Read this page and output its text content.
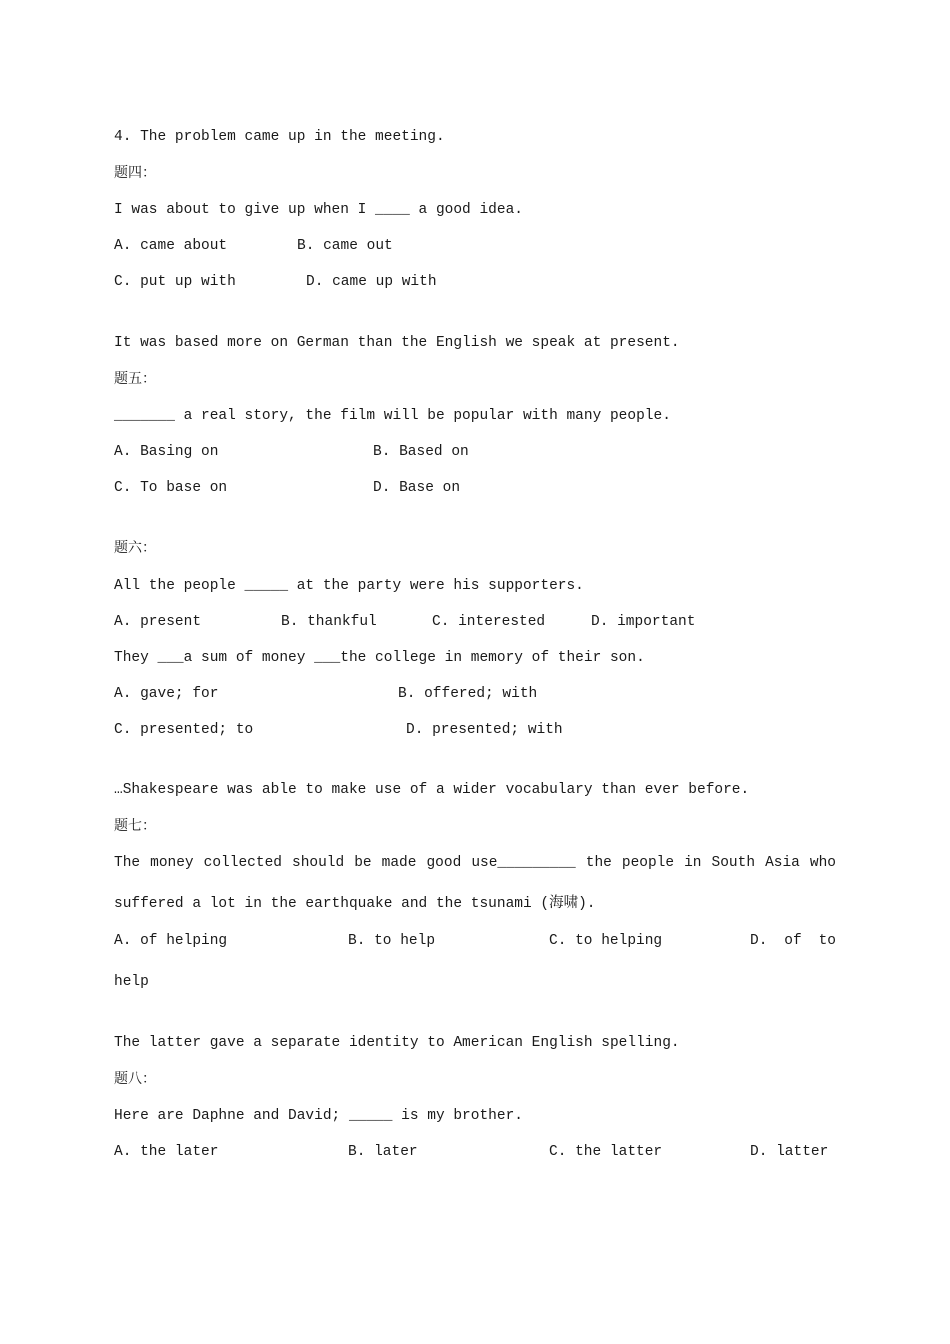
4. The problem came up in the meeting.
题四：
I was about to give up when I ____ a good idea.
A. came about	B. came out
C. put up with	D. came up with
It was based more on German than the English we speak at present.
题五：
_______ a real story, the film will be popular with many people.
A. Basing on	B. Based on
C. To base on	D. Base on
题六：
All the people _____ at the party were his supporters.
A. present	B. thankful	C. interested	D. important
They ___a sum of money ___the college in memory of their son.
A. gave; for	B. offered; with
C. presented; to	D. presented; with
…Shakespeare was able to make use of a wider vocabulary than ever before.
题七：
The money collected should be made good use_________ the people in South Asia who
suffered a lot in the earthquake and the tsunami (海啸).
A. of helping	B. to help	C. to helping	D. of to
help
The latter gave a separate identity to American English spelling.
题八：
Here are Daphne and David; _____ is my brother.
A. the later	B. later	C. the latter	D. latter
